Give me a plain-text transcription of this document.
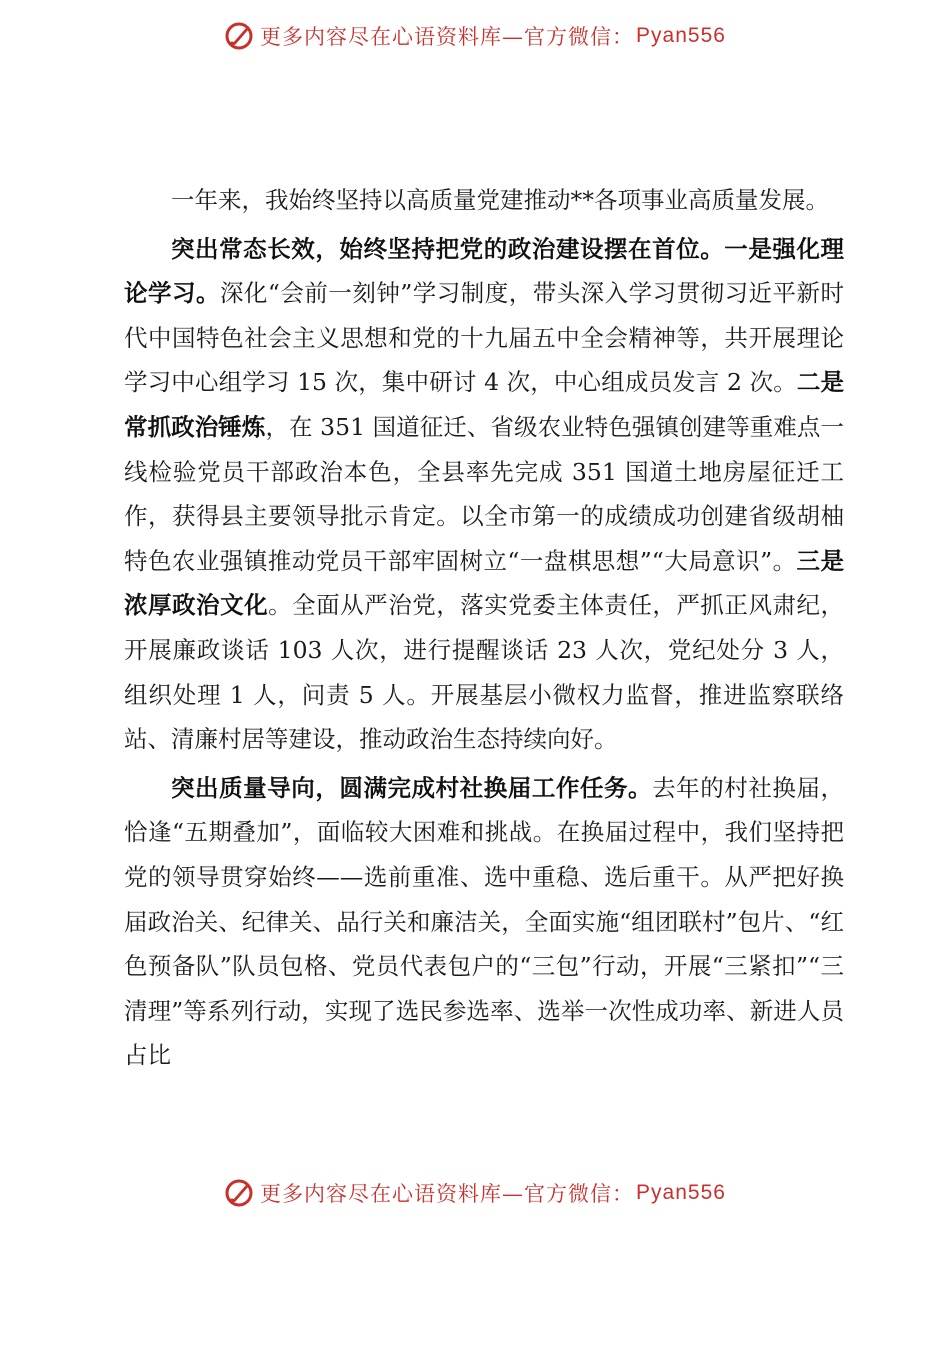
更多内容尽在心语资料库—官方微信： Pyan556

一年来，我始终坚持以高质量党建推动**各项事业高质量发展。

突出常态长效，始终坚持把党的政治建设摆在首位。一是强化理论学习。深化“会前一刻钟”学习制度，带头深入学习贯彻习近平新时代中国特色社会主义思想和党的十九届五中全会精神等，共开展理论学习中心组学习 15 次，集中研讨 4 次，中心组成员发言 2 次。二是常抓政治锤炼，在 351 国道征迁、省级农业特色强镇创建等重难点一线检验党员干部政治本色，全县率先完成 351 国道土地房屋征迁工作，获得县主要领导批示肯定。以全市第一的成绩成功创建省级胡柚特色农业强镇推动党员干部牢固树立“一盘棋思想”“大局意识”。三是浓厚政治文化。全面从严治党，落实党委主体责任，严抓正风肃纪，开展廉政谈话 103 人次，进行提醒谈话 23 人次，党纪处分 3 人，组织处理 1 人，问责 5 人。开展基层小微权力监督，推进监察联络站、清廉村居等建设，推动政治生态持续向好。

突出质量导向，圆满完成村社换届工作任务。去年的村社换届，恰逢“五期叠加”，面临较大困难和挑战。在换届过程中，我们坚持把党的领导贯穿始终——选前重准、选中重稳、选后重干。从严把好换届政治关、纪律关、品行关和廉洁关，全面实施“组团联村”包片、“红色预备队”队员包格、党员代表包户的“三包”行动，开展“三紧扣”“三清理”等系列行动，实现了选民参选率、选举一次性成功率、新进人员占比

更多内容尽在心语资料库—官方微信： Pyan556
